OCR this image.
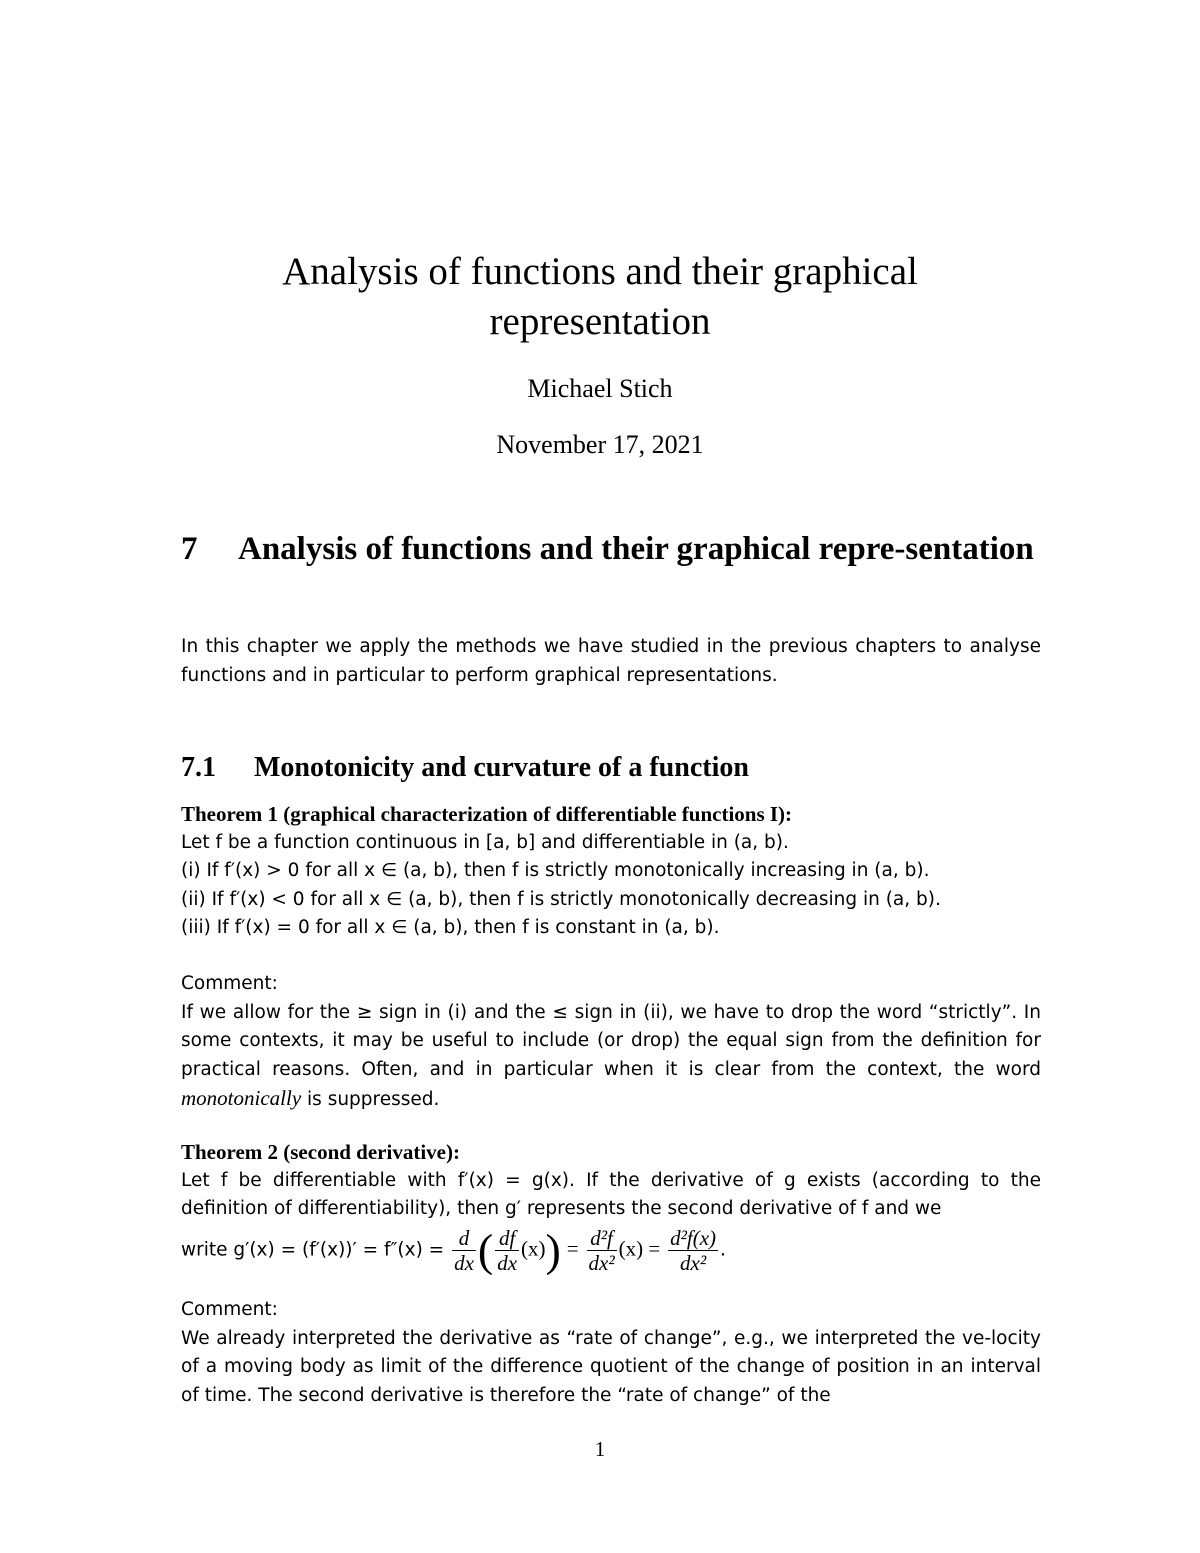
Analysis of functions and their graphical
representation
Michael Stich
November 17, 2021
7 Analysis of functions and their graphical repre-sentation

In this chapter we apply the methods we have studied in the previous chapters to analyse functions and in particular to perform graphical representations.

7.1 Monotonicity and curvature of a function

Theorem 1 (graphical characterization of differentiable functions I):

Let f be a function continuous in [a, b] and differentiable in (a, b).

(i) If f′(x) > 0 for all x ∈ (a, b), then f is strictly monotonically increasing in (a, b).

(ii) If f′(x) < 0 for all x ∈ (a, b), then f is strictly monotonically decreasing in (a, b).

(iii) If f′(x) = 0 for all x ∈ (a, b), then f is constant in (a, b).

Comment:

If we allow for the ≥ sign in (i) and the ≤ sign in (ii), we have to drop the word “strictly”. In some contexts, it may be useful to include (or drop) the equal sign from the definition for practical reasons. Often, and in particular when it is clear from the context, the word monotonically is suppressed.

Theorem 2 (second derivative):

Let f be differentiable with f′(x) = g(x). If the derivative of g exists (according to the definition of differentiability), then g′ represents the second derivative of f and we

write $g'(x) = (f'(x))' = f''(x) = \frac{d}{dx}$ ( $\frac{df}{dx} (x)) = \frac{\text{d²f}}{\text{dx²}} (x) = \frac{\text{d²f(x)}}{\text{dx²}}$ .

Comment:

We already interpreted the derivative as “rate of change”, e.g., we interpreted the ve-locity of a moving body as limit of the difference quotient of the change of position in an interval of time. The second derivative is therefore the “rate of change” of the

1
